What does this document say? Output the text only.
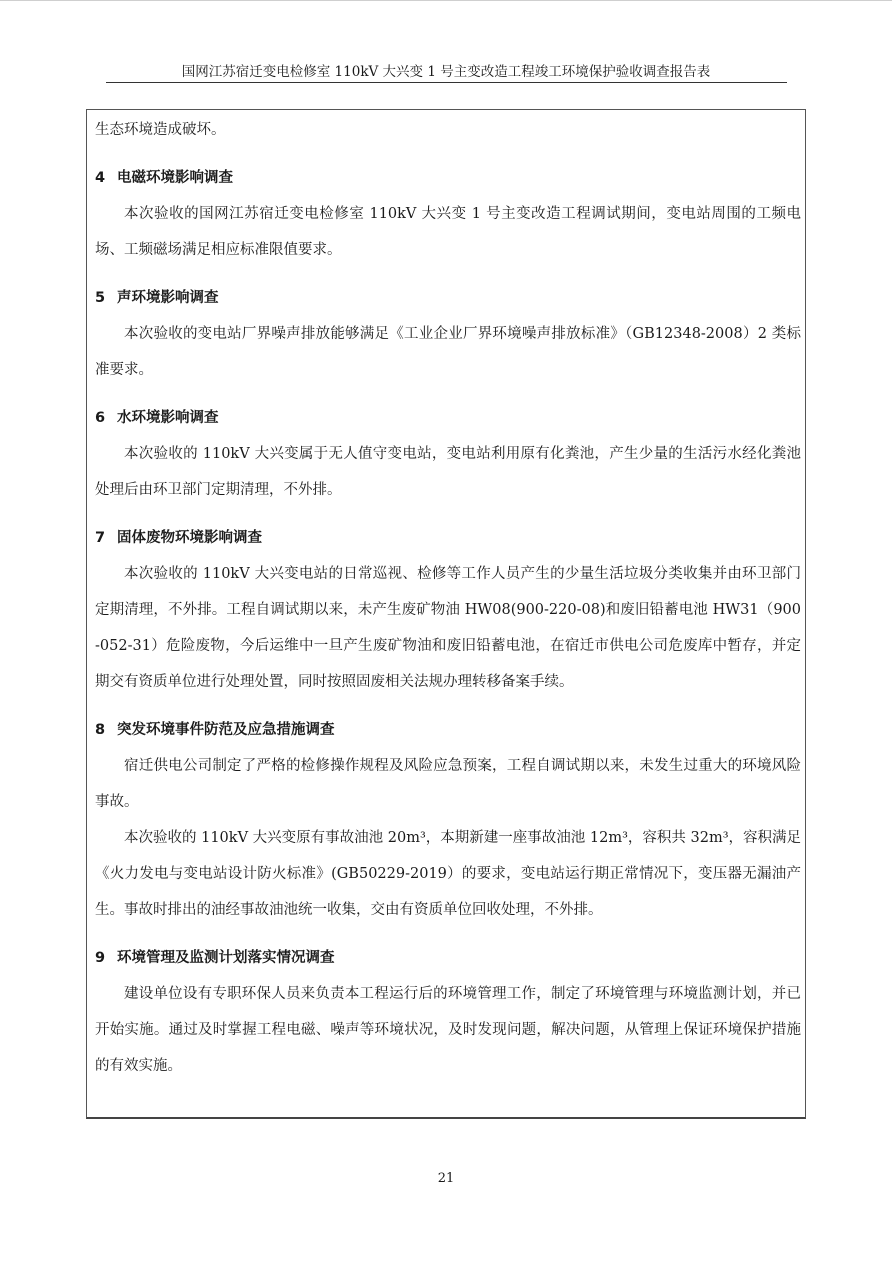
国网江苏宿迁变电检修室 110kV 大兴变 1 号主变改造工程竣工环境保护验收调查报告表

生态环境造成破坏。

4 电磁环境影响调查

本次验收的国网江苏宿迁变电检修室 110kV 大兴变 1 号主变改造工程调试期间，变电站周围的工频电场、工频磁场满足相应标准限值要求。

5 声环境影响调查

本次验收的变电站厂界噪声排放能够满足《工业企业厂界环境噪声排放标准》（GB12348-2008）2 类标准要求。

6 水环境影响调查

本次验收的 110kV 大兴变属于无人值守变电站，变电站利用原有化粪池，产生少量的生活污水经化粪池处理后由环卫部门定期清理，不外排。

7 固体废物环境影响调查

本次验收的 110kV 大兴变电站的日常巡视、检修等工作人员产生的少量生活垃圾分类收集并由环卫部门定期清理，不外排。工程自调试期以来，未产生废矿物油 HW08(900-220-08)和废旧铅蓄电池 HW31（900-052-31）危险废物，今后运维中一旦产生废矿物油和废旧铅蓄电池，在宿迁市供电公司危废库中暂存，并定期交有资质单位进行处理处置，同时按照固废相关法规办理转移备案手续。

8 突发环境事件防范及应急措施调查

宿迁供电公司制定了严格的检修操作规程及风险应急预案，工程自调试期以来，未发生过重大的环境风险事故。

本次验收的 110kV 大兴变原有事故油池 20m³，本期新建一座事故油池 12m³，容积共 32m³，容积满足《火力发电与变电站设计防火标准》(GB50229-2019）的要求，变电站运行期正常情况下，变压器无漏油产生。事故时排出的油经事故油池统一收集，交由有资质单位回收处理，不外排。

9 环境管理及监测计划落实情况调查

建设单位设有专职环保人员来负责本工程运行后的环境管理工作，制定了环境管理与环境监测计划，并已开始实施。通过及时掌握工程电磁、噪声等环境状况，及时发现问题，解决问题，从管理上保证环境保护措施的有效实施。

21
